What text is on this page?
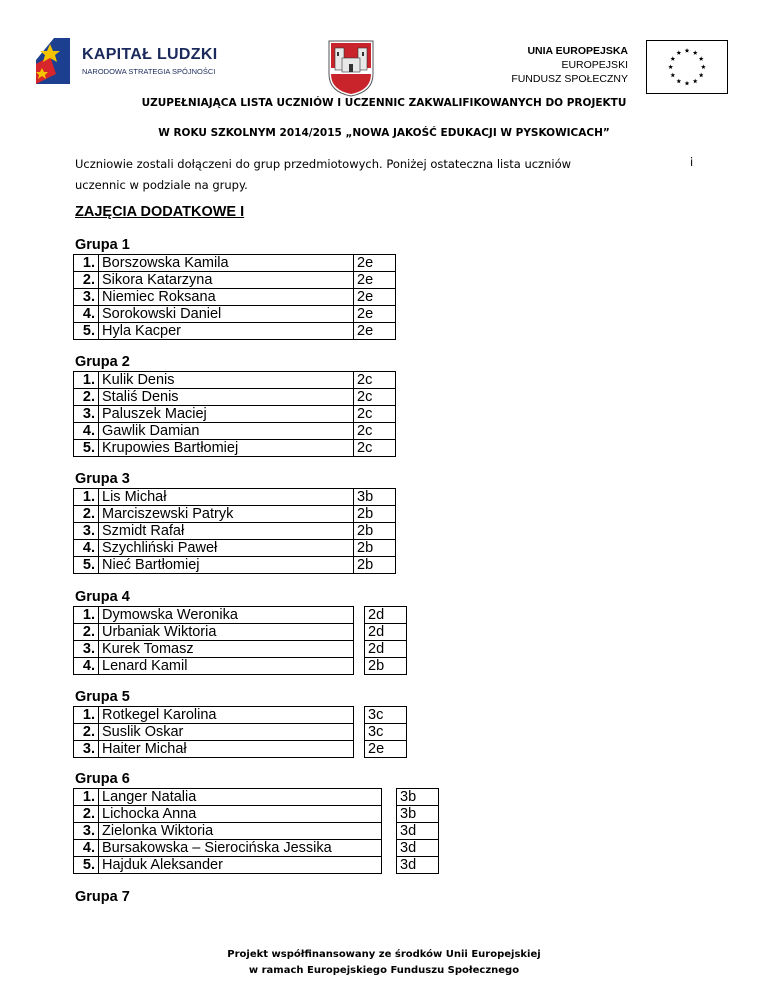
KAPITAŁ LUDZKI
NARODOWA STRATEGIA SPÓJNOŚCI
UNIA EUROPEJSKA
EUROPEJSKI
FUNDUSZ SPOŁECZNY
UZUPEŁNIAJĄCA LISTA UCZNIÓW I UCZENNIC ZAKWALIFIKOWANYCH DO PROJEKTU
W ROKU SZKOLNYM 2014/2015 „NOWA JAKOŚĆ EDUKACJI W PYSKOWICACH”
Uczniowie zostali dołączeni do grup przedmiotowych. Poniżej ostateczna lista uczniów	i
uczennic w podziale na grupy.
ZAJĘCIA DODATKOWE I
Grupa 1
1.	Borszowska Kamila	2e
2.	Sikora Katarzyna	2e
3.	Niemiec Roksana	2e
4.	Sorokowski Daniel	2e
5.	Hyla Kacper	2e
Grupa 2
1.	Kulik Denis	2c
2.	Staliś Denis	2c
3.	Paluszek Maciej	2c
4.	Gawlik Damian	2c
5.	Krupowies Bartłomiej	2c
Grupa 3
1.	Lis Michał	3b
2.	Marciszewski Patryk	2b
3.	Szmidt Rafał	2b
4.	Szychliński Paweł	2b
5.	Nieć Bartłomiej	2b
Grupa 4
1.	Dymowska Weronika		2d
2.	Urbaniak Wiktoria		2d
3.	Kurek Tomasz		2d
4.	Lenard Kamil		2b
Grupa 5
1.	Rotkegel Karolina		3c
2.	Suslik Oskar		3c
3.	Haiter Michał		2e
Grupa 6
1.	Langer Natalia		3b
2.	Lichocka Anna		3b
3.	Zielonka Wiktoria		3d
4.	Bursakowska – Sierocińska Jessika		3d
5.	Hajduk Aleksander		3d
Grupa 7
Projekt współfinansowany ze środków Unii Europejskiej
w ramach Europejskiego Funduszu Społecznego
